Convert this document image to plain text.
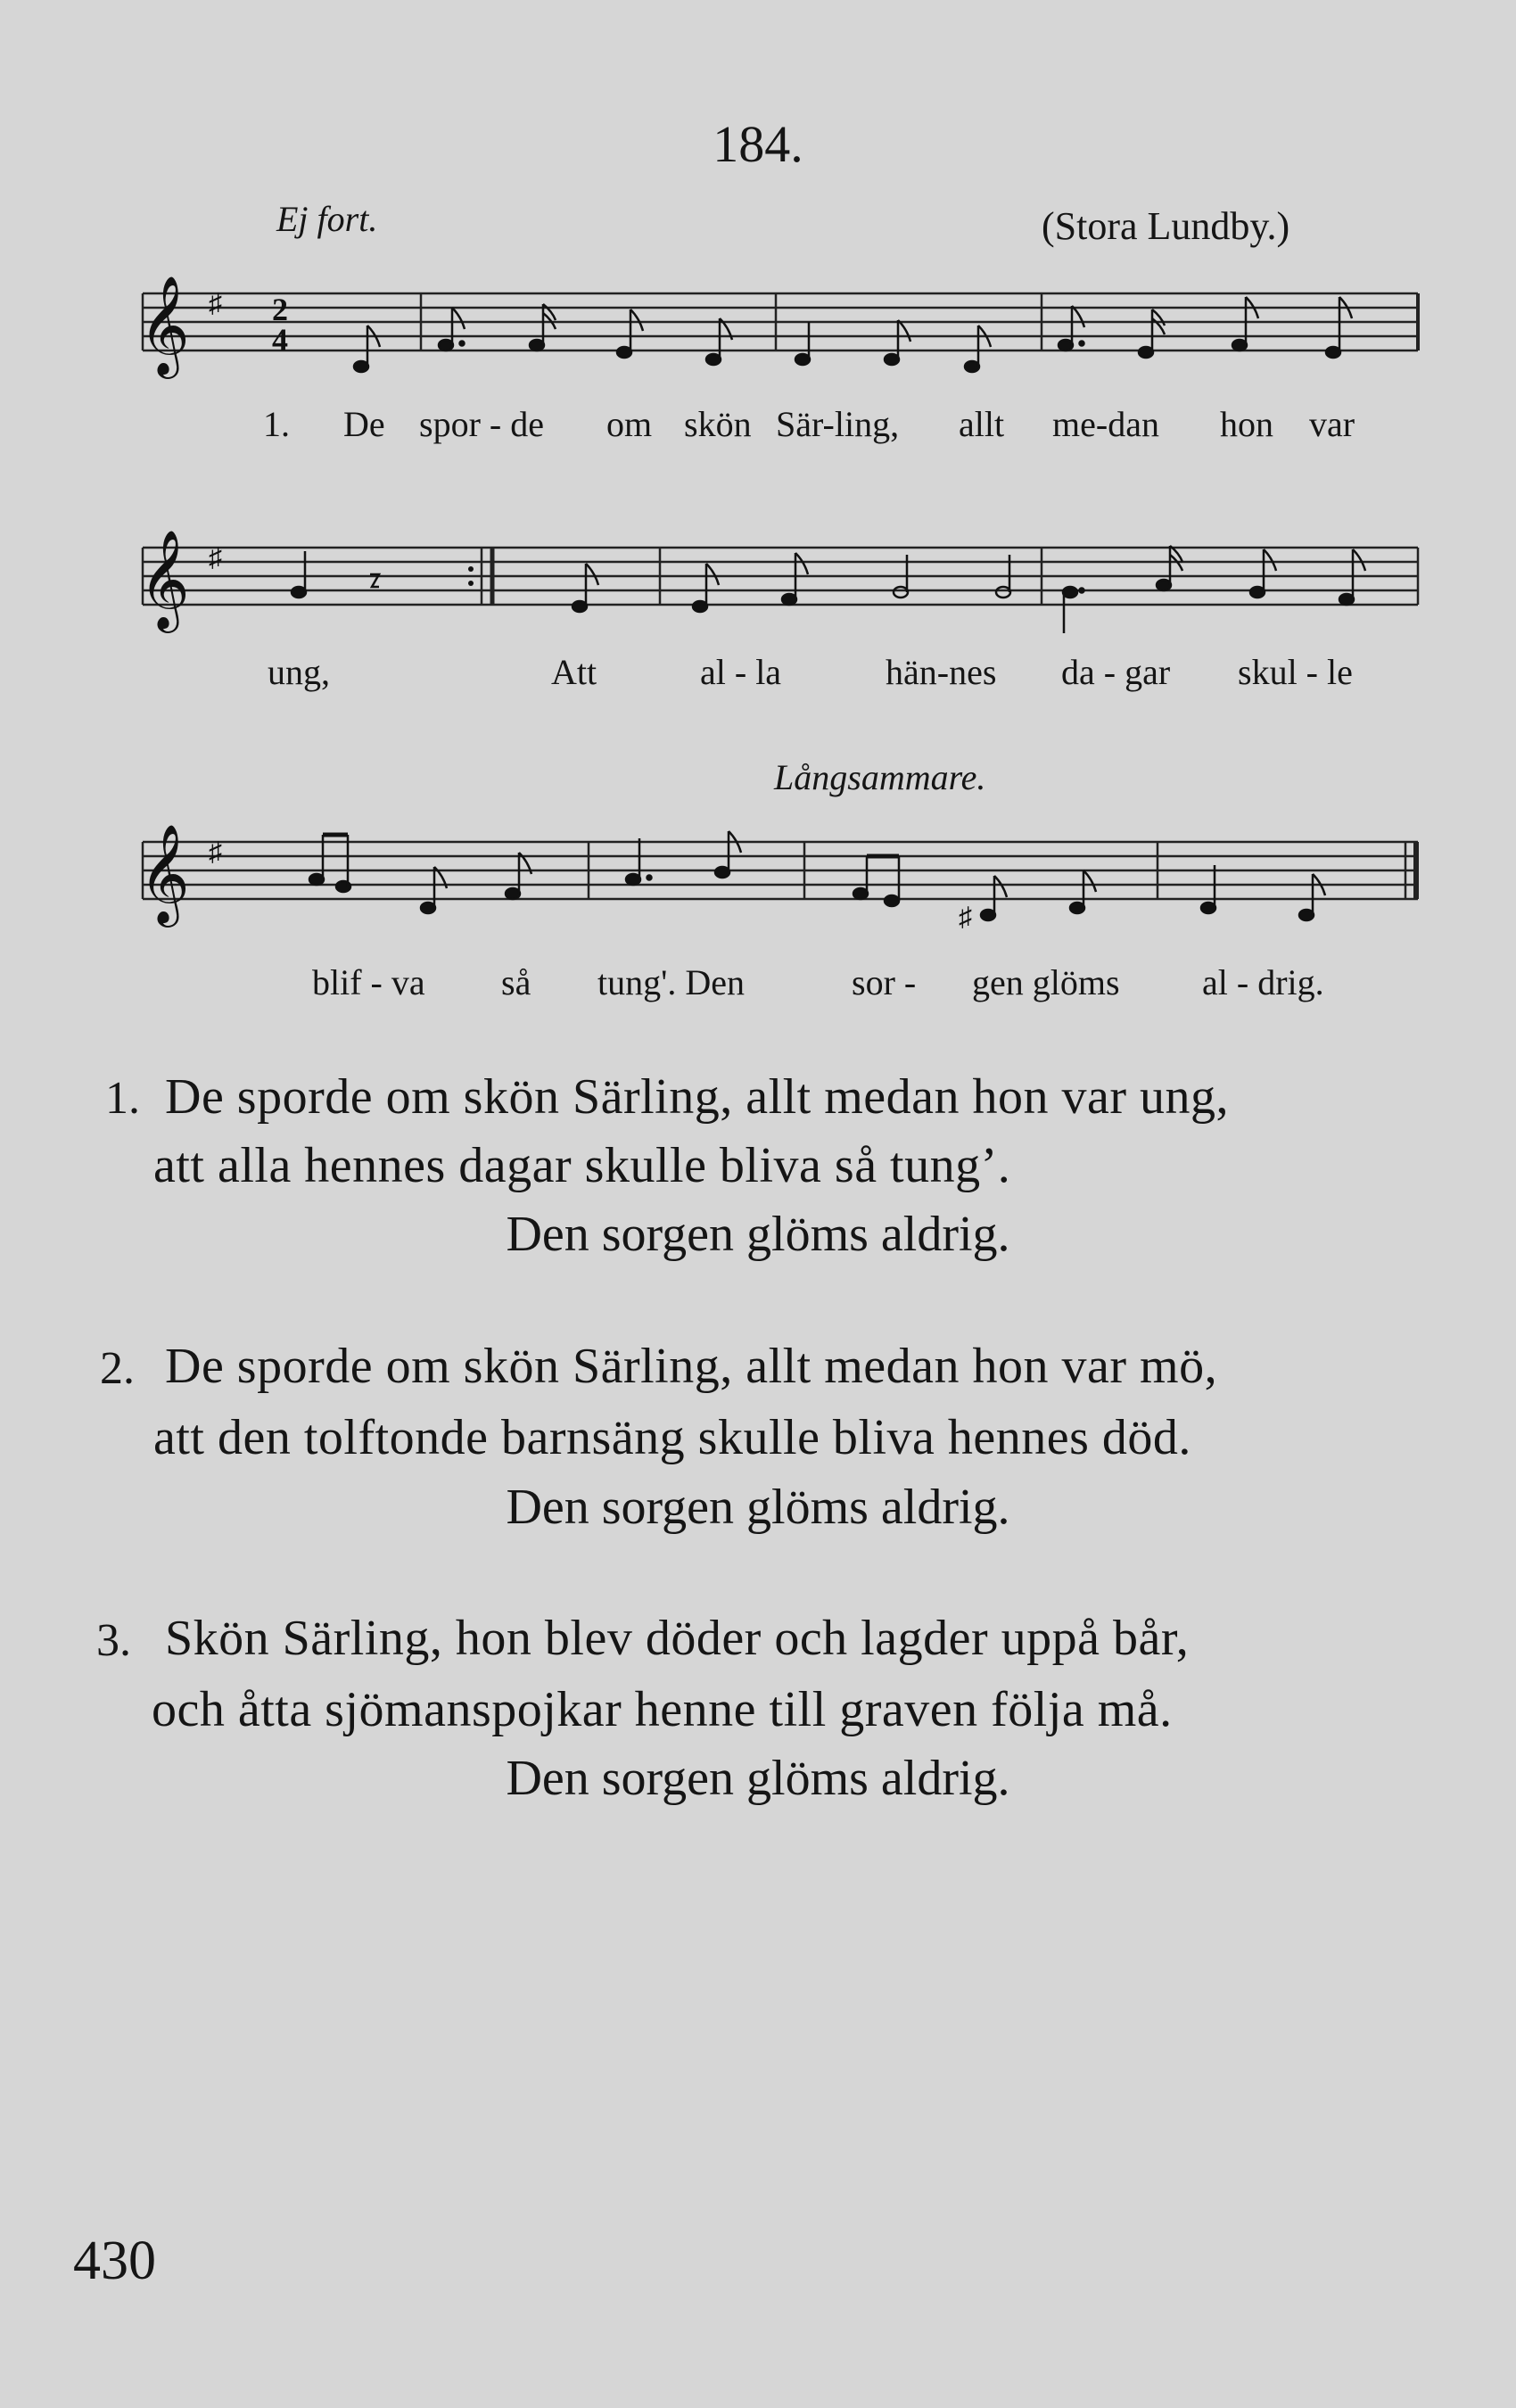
184.
Ej fort.	(Stora Lundby.)
𝄞 ♯ 2
4
1. De spor - de om skön Sär-ling, allt me-dan hon var
𝄞 ♯
ung,	Att	al - la	hän-nes da - gar skul - le
Långsammare.
𝄞 ♯
♯
blif - va så tung'. Den	sor - gen glöms al - drig.
1. De sporde om skön Särling, allt medan hon var ung,
att alla hennes dagar skulle bliva så tung’.
Den sorgen glöms aldrig.
2. De sporde om skön Särling, allt medan hon var mö,
att den tolftonde barnsäng skulle bliva hennes död.
Den sorgen glöms aldrig.
3. Skön Särling, hon blev döder och lagder uppå bår,
och åtta sjömanspojkar henne till graven följa må.
Den sorgen glöms aldrig.
430
